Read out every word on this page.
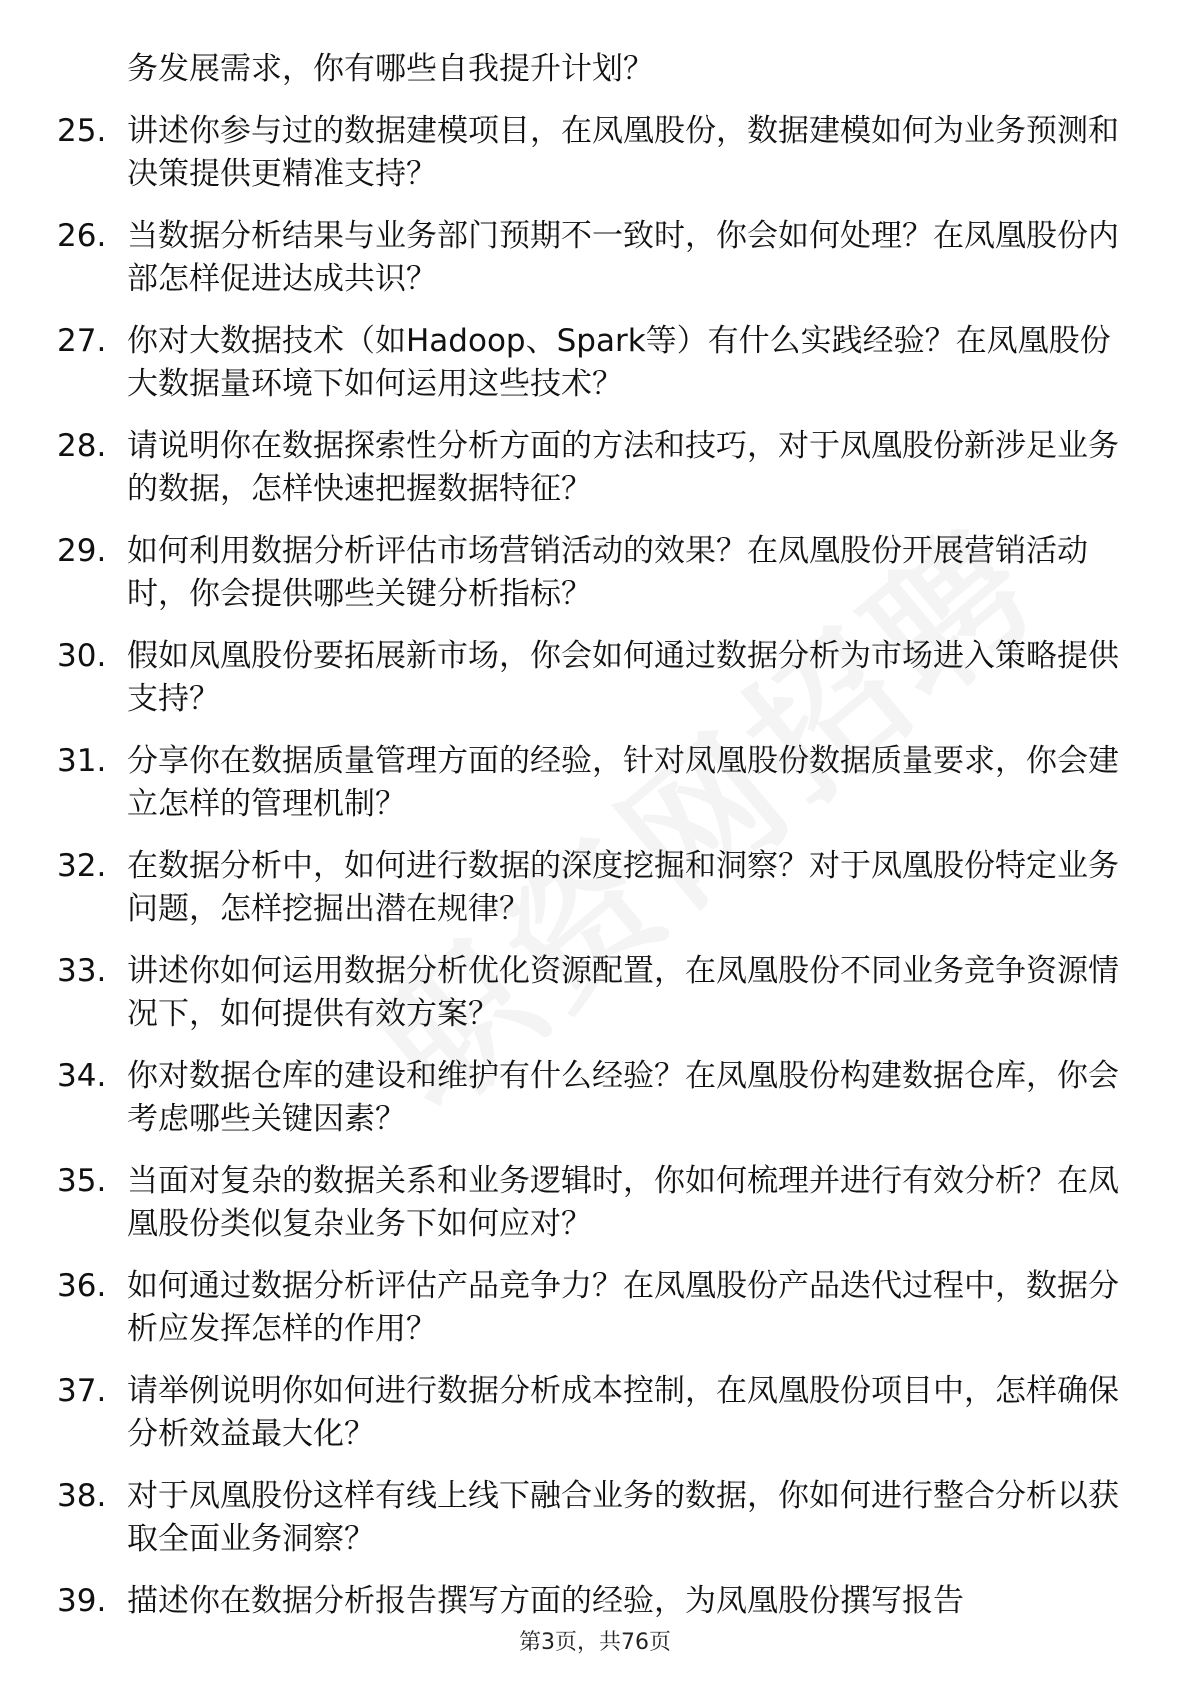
务发展需求，你有哪些自我提升计划？
25. 讲述你参与过的数据建模项目，在凤凰股份，数据建模如何为业务预测和决策提供更精准支持？
26. 当数据分析结果与业务部门预期不一致时，你会如何处理？在凤凰股份内部怎样促进达成共识？
27. 你对大数据技术（如Hadoop、Spark等）有什么实践经验？在凤凰股份大数据量环境下如何运用这些技术？
28. 请说明你在数据探索性分析方面的方法和技巧，对于凤凰股份新涉足业务的数据，怎样快速把握数据特征？
29. 如何利用数据分析评估市场营销活动的效果？在凤凰股份开展营销活动时，你会提供哪些关键分析指标？
30. 假如凤凰股份要拓展新市场，你会如何通过数据分析为市场进入策略提供支持？
31. 分享你在数据质量管理方面的经验，针对凤凰股份数据质量要求，你会建立怎样的管理机制？
32. 在数据分析中，如何进行数据的深度挖掘和洞察？对于凤凰股份特定业务问题，怎样挖掘出潜在规律？
33. 讲述你如何运用数据分析优化资源配置，在凤凰股份不同业务竞争资源情况下，如何提供有效方案？
34. 你对数据仓库的建设和维护有什么经验？在凤凰股份构建数据仓库，你会考虑哪些关键因素？
35. 当面对复杂的数据关系和业务逻辑时，你如何梳理并进行有效分析？在凤凰股份类似复杂业务下如何应对？
36. 如何通过数据分析评估产品竞争力？在凤凰股份产品迭代过程中，数据分析应发挥怎样的作用？
37. 请举例说明你如何进行数据分析成本控制，在凤凰股份项目中，怎样确保分析效益最大化？
38. 对于凤凰股份这样有线上线下融合业务的数据，你如何进行整合分析以获取全面业务洞察？
39. 描述你在数据分析报告撰写方面的经验，为凤凰股份撰写报告
第3页，共76页
